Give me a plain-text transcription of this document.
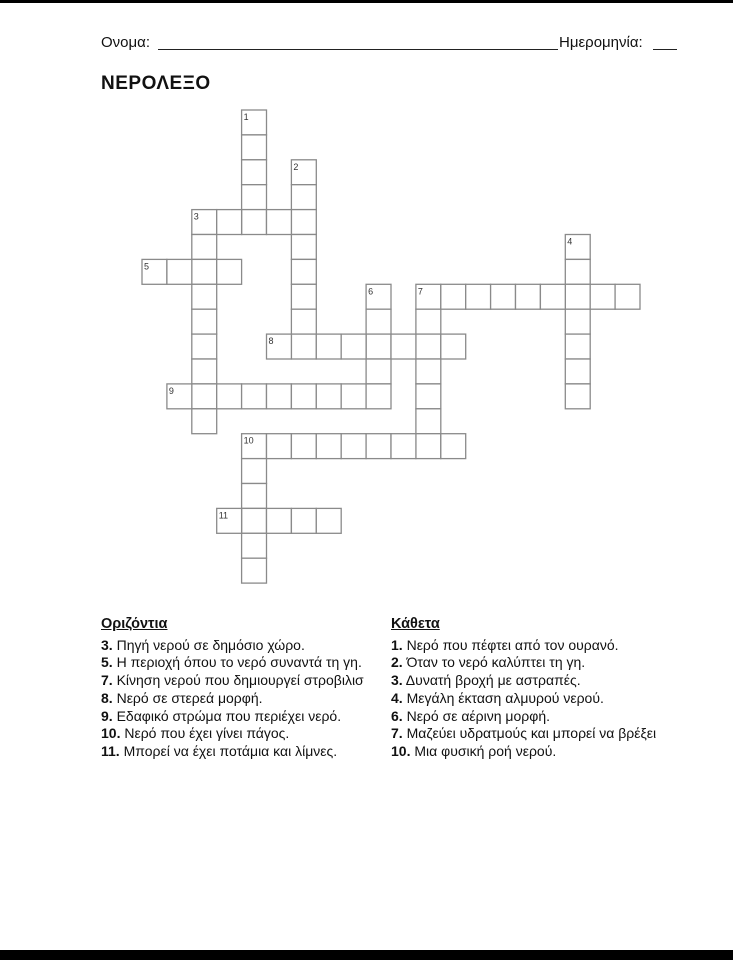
Ονομα:	Ημερομηνία:
ΝΕΡΟΛΕΞΟ
1
2
3
4
5
6	7
8
9
10
11
Οριζόντια
3. Πηγή νερού σε δημόσιο χώρο.
5. Η περιοχή όπου το νερό συναντά τη γη.
7. Κίνηση νερού που δημιουργεί στροβιλισ
8. Νερό σε στερεά μορφή.
9. Εδαφικό στρώμα που περιέχει νερό.
10. Νερό που έχει γίνει πάγος.
11. Μπορεί να έχει ποτάμια και λίμνες.
Κάθετα
1. Νερό που πέφτει από τον ουρανό.
2. Όταν το νερό καλύπτει τη γη.
3. Δυνατή βροχή με αστραπές.
4. Μεγάλη έκταση αλμυρού νερού.
6. Νερό σε αέρινη μορφή.
7. Μαζεύει υδρατμούς και μπορεί να βρέξει
10. Μια φυσική ροή νερού.
